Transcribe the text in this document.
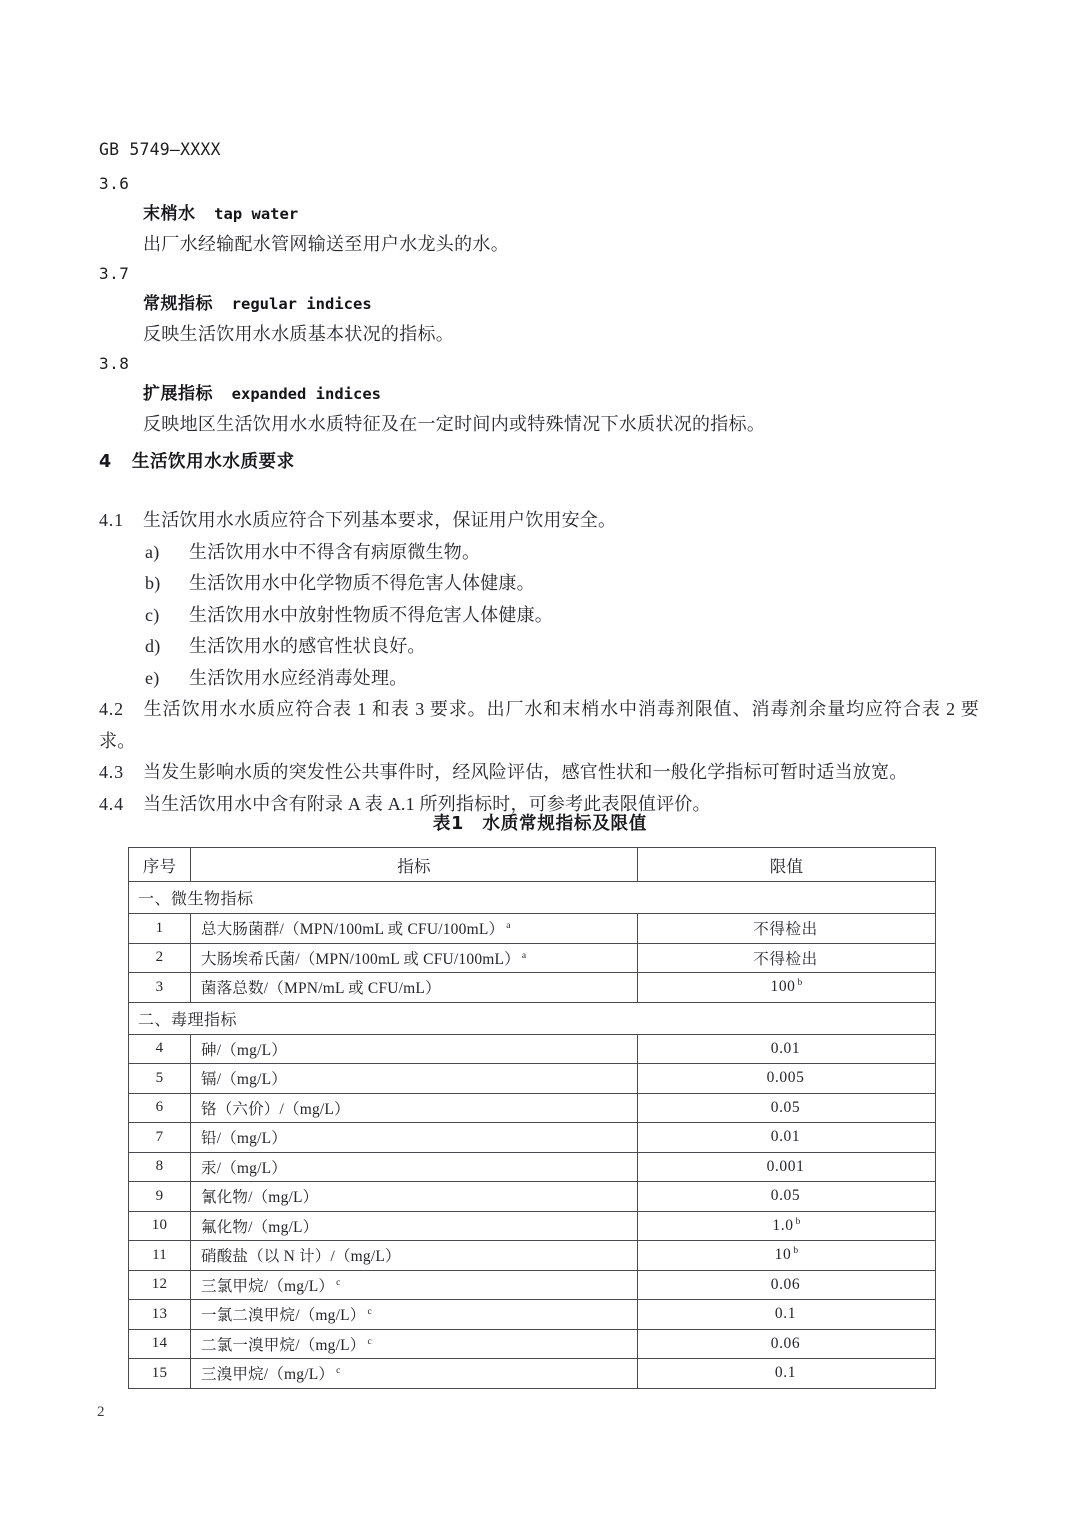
GB 5749—XXXX
3.6
末梢水 tap water
出厂水经输配水管网输送至用户水龙头的水。
3.7
常规指标 regular indices
反映生活饮用水水质基本状况的指标。
3.8
扩展指标 expanded indices
反映地区生活饮用水水质特征及在一定时间内或特殊情况下水质状况的指标。
4 生活饮用水水质要求
4.1 生活饮用水水质应符合下列基本要求，保证用户饮用安全。
a) 生活饮用水中不得含有病原微生物。
b) 生活饮用水中化学物质不得危害人体健康。
c) 生活饮用水中放射性物质不得危害人体健康。
d) 生活饮用水的感官性状良好。
e) 生活饮用水应经消毒处理。
4.2 生活饮用水水质应符合表 1 和表 3 要求。出厂水和末梢水中消毒剂限值、消毒剂余量均应符合表 2 要求。
4.3 当发生影响水质的突发性公共事件时，经风险评估，感官性状和一般化学指标可暂时适当放宽。
4.4 当生活饮用水中含有附录 A 表 A.1 所列指标时，可参考此表限值评价。
表1　水质常规指标及限值
序号	指标	限值
一、微生物指标		
1	总大肠菌群/（MPN/100mL 或 CFU/100mL） $^a$	不得检出
2	大肠埃希氏菌/（MPN/100mL 或 CFU/100mL） $^a$	不得检出
3	菌落总数/（MPN/mL 或 CFU/mL）	100 $^b$
二、毒理指标		
4	砷/（mg/L）	0.01
5	镉/（mg/L）	0.005
6	铬（六价）/（mg/L）	0.05
7	铅/（mg/L）	0.01
8	汞/（mg/L）	0.001
9	氰化物/（mg/L）	0.05
10	氟化物/（mg/L）	1.0 $^b$
11	硝酸盐（以 N 计）/（mg/L）	10 $^b$
12	三氯甲烷/（mg/L） $^c$	0.06
13	一氯二溴甲烷/（mg/L） $^c$	0.1
14	二氯一溴甲烷/（mg/L） $^c$	0.06
15	三溴甲烷/（mg/L） $^c$	0.1
2
